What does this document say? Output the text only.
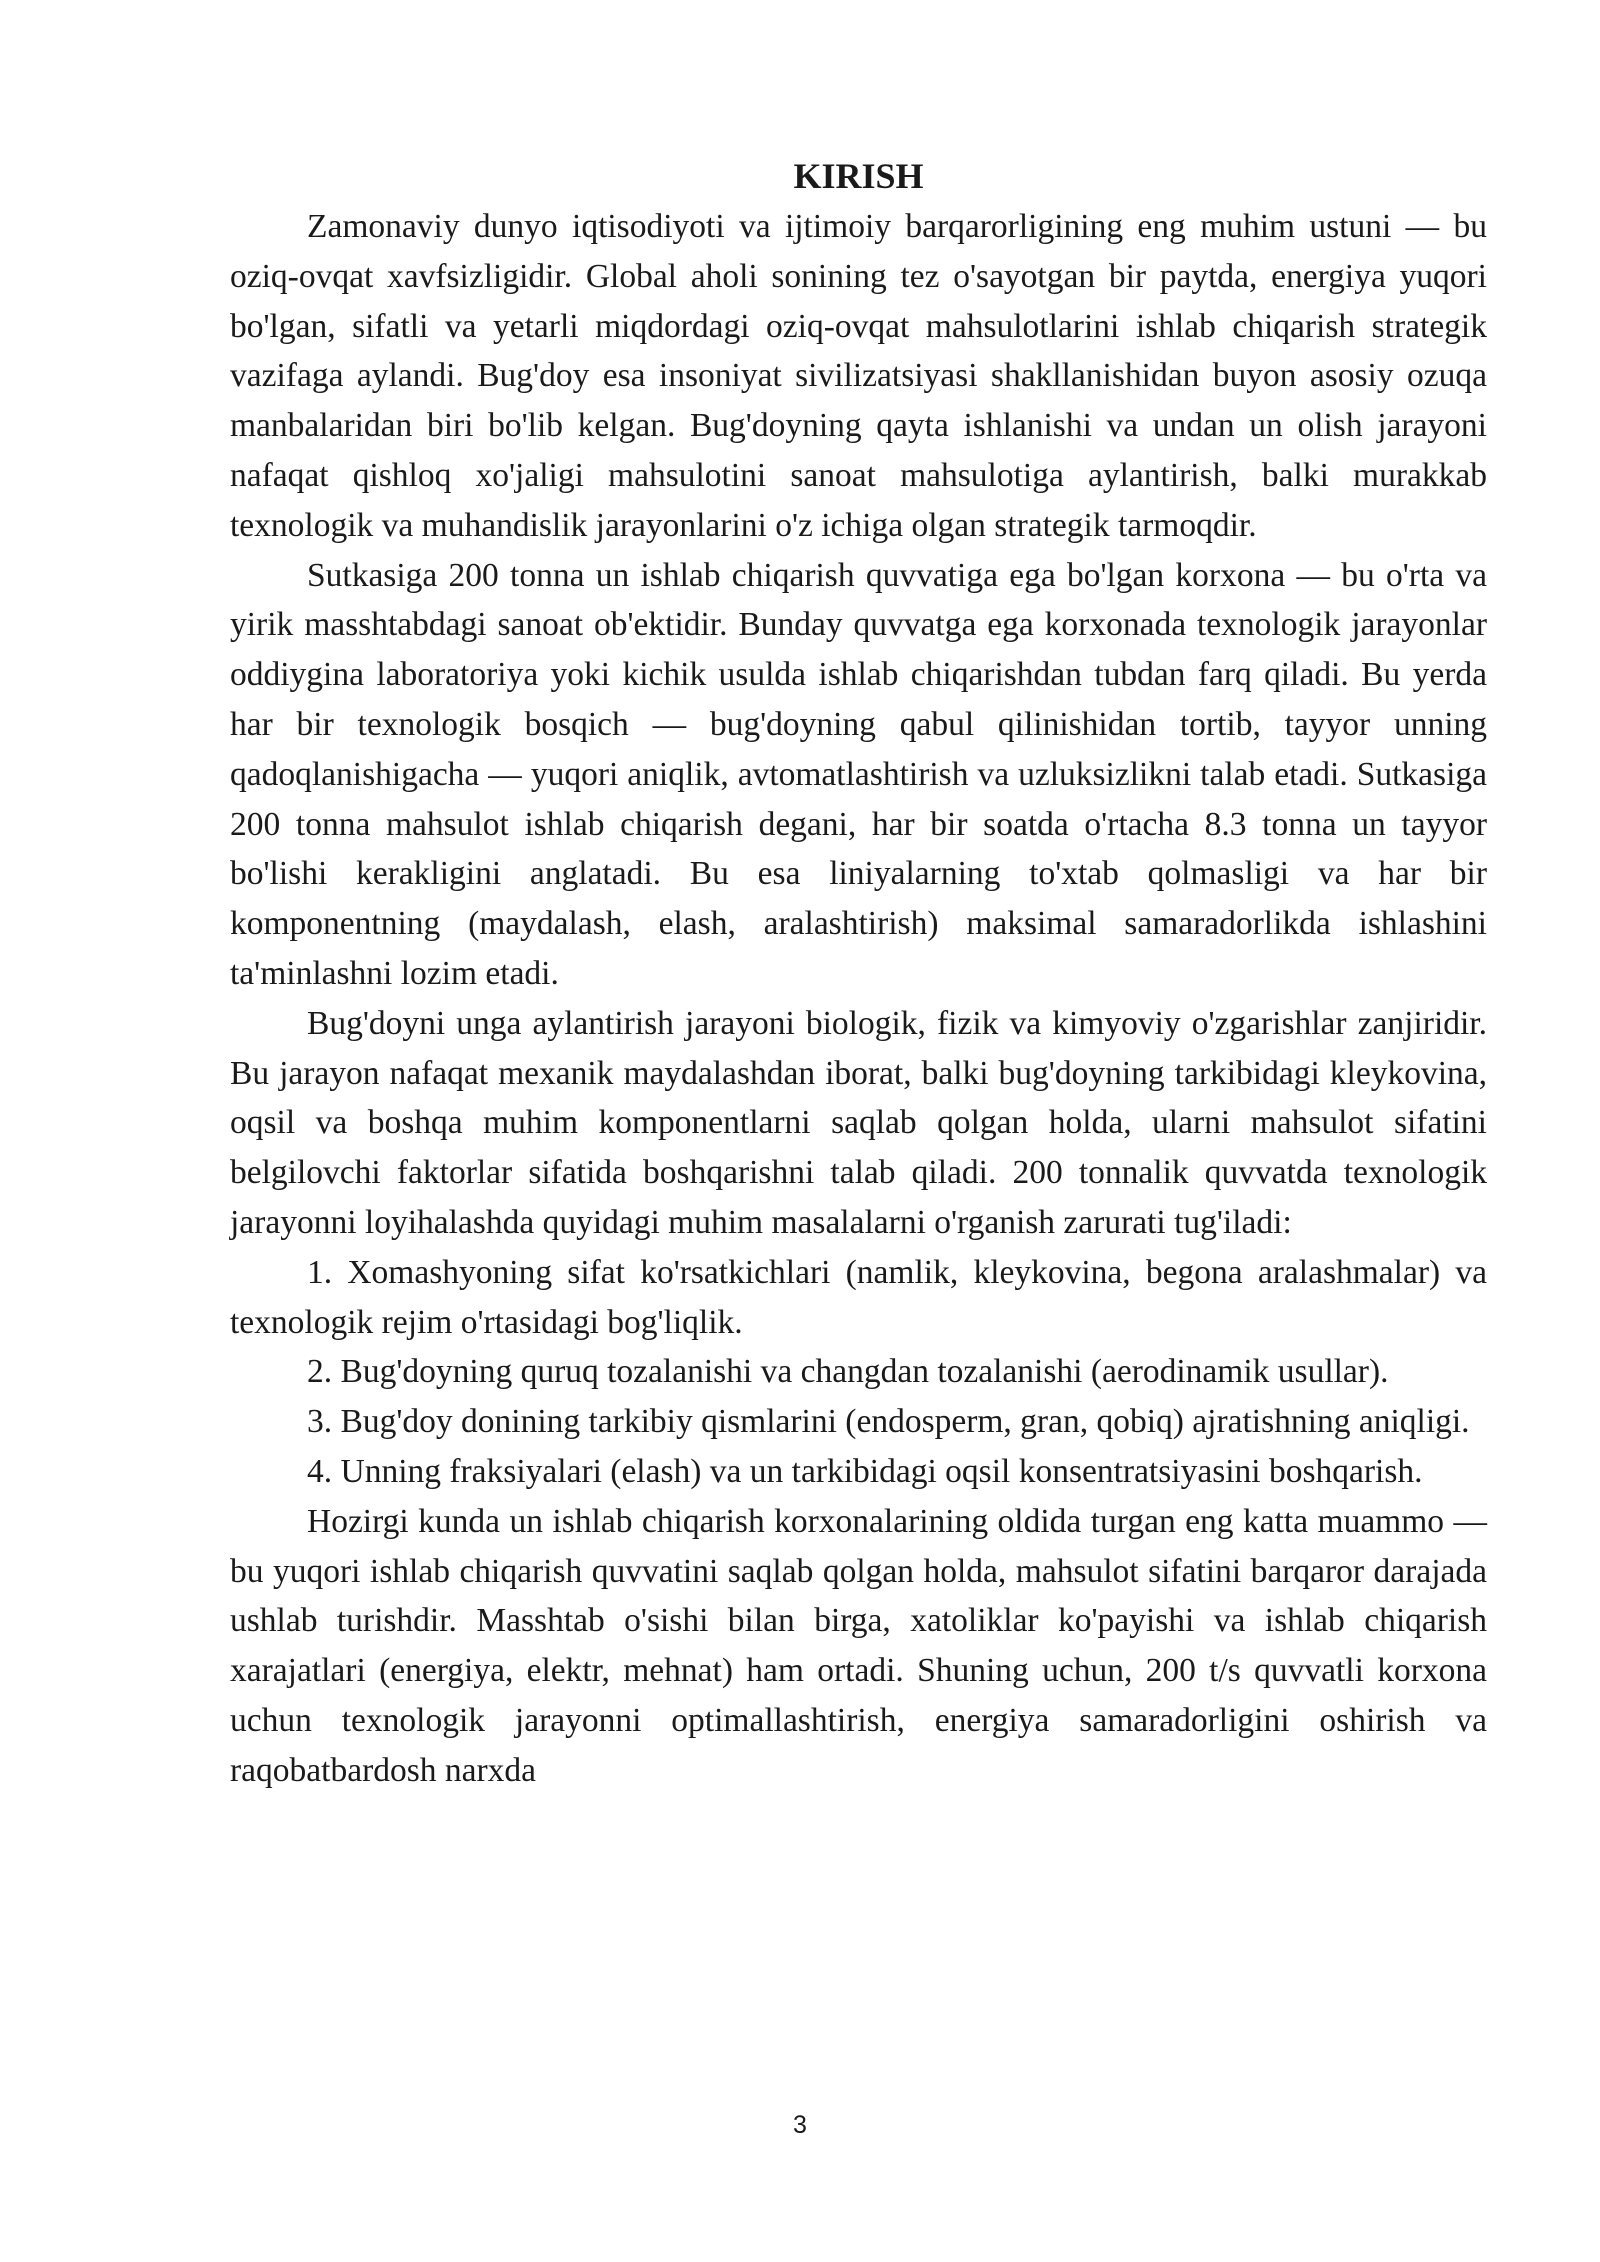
KIRISH

Zamonaviy dunyo iqtisodiyoti va ijtimoiy barqarorligining eng muhim ustuni — bu oziq-ovqat xavfsizligidir. Global aholi sonining tez o'sayotgan bir paytda, energiya yuqori bo'lgan, sifatli va yetarli miqdordagi oziq-ovqat mahsulotlarini ishlab chiqarish strategik vazifaga aylandi. Bug'doy esa insoniyat sivilizatsiyasi shakllanishidan buyon asosiy ozuqa manbalaridan biri bo'lib kelgan. Bug'doyning qayta ishlanishi va undan un olish jarayoni nafaqat qishloq xo'jaligi mahsulotini sanoat mahsulotiga aylantirish, balki murakkab texnologik va muhandislik jarayonlarini o'z ichiga olgan strategik tarmoqdir.

Sutkasiga 200 tonna un ishlab chiqarish quvvatiga ega bo'lgan korxona — bu o'rta va yirik masshtabdagi sanoat ob'ektidir. Bunday quvvatga ega korxonada texnologik jarayonlar oddiygina laboratoriya yoki kichik usulda ishlab chiqarishdan tubdan farq qiladi. Bu yerda har bir texnologik bosqich — bug'doyning qabul qilinishidan tortib, tayyor unning qadoqlanishigacha — yuqori aniqlik, avtomatlashtirish va uzluksizlikni talab etadi. Sutkasiga 200 tonna mahsulot ishlab chiqarish degani, har bir soatda o'rtacha 8.3 tonna un tayyor bo'lishi kerakligini anglatadi. Bu esa liniyalarning to'xtab qolmasligi va har bir komponentning (maydalash, elash, aralashtirish) maksimal samaradorlikda ishlashini ta'minlashni lozim etadi.

Bug'doyni unga aylantirish jarayoni biologik, fizik va kimyoviy o'zgarishlar zanjiridir. Bu jarayon nafaqat mexanik maydalashdan iborat, balki bug'doyning tarkibidagi kleykovina, oqsil va boshqa muhim komponentlarni saqlab qolgan holda, ularni mahsulot sifatini belgilovchi faktorlar sifatida boshqarishni talab qiladi. 200 tonnalik quvvatda texnologik jarayonni loyihalashda quyidagi muhim masalalarni o'rganish zarurati tug'iladi:

1. Xomashyoning sifat ko'rsatkichlari (namlik, kleykovina, begona aralashmalar) va texnologik rejim o'rtasidagi bog'liqlik.

2. Bug'doyning quruq tozalanishi va changdan tozalanishi (aerodinamik usullar).

3. Bug'doy donining tarkibiy qismlarini (endosperm, gran, qobiq) ajratishning aniqligi.

4. Unning fraksiyalari (elash) va un tarkibidagi oqsil konsentratsiyasini boshqarish.

Hozirgi kunda un ishlab chiqarish korxonalarining oldida turgan eng katta muammo — bu yuqori ishlab chiqarish quvvatini saqlab qolgan holda, mahsulot sifatini barqaror darajada ushlab turishdir. Masshtab o'sishi bilan birga, xatoliklar ko'payishi va ishlab chiqarish xarajatlari (energiya, elektr, mehnat) ham ortadi. Shuning uchun, 200 t/s quvvatli korxona uchun texnologik jarayonni optimallashtirish, energiya samaradorligini oshirish va raqobatbardosh narxda

3
